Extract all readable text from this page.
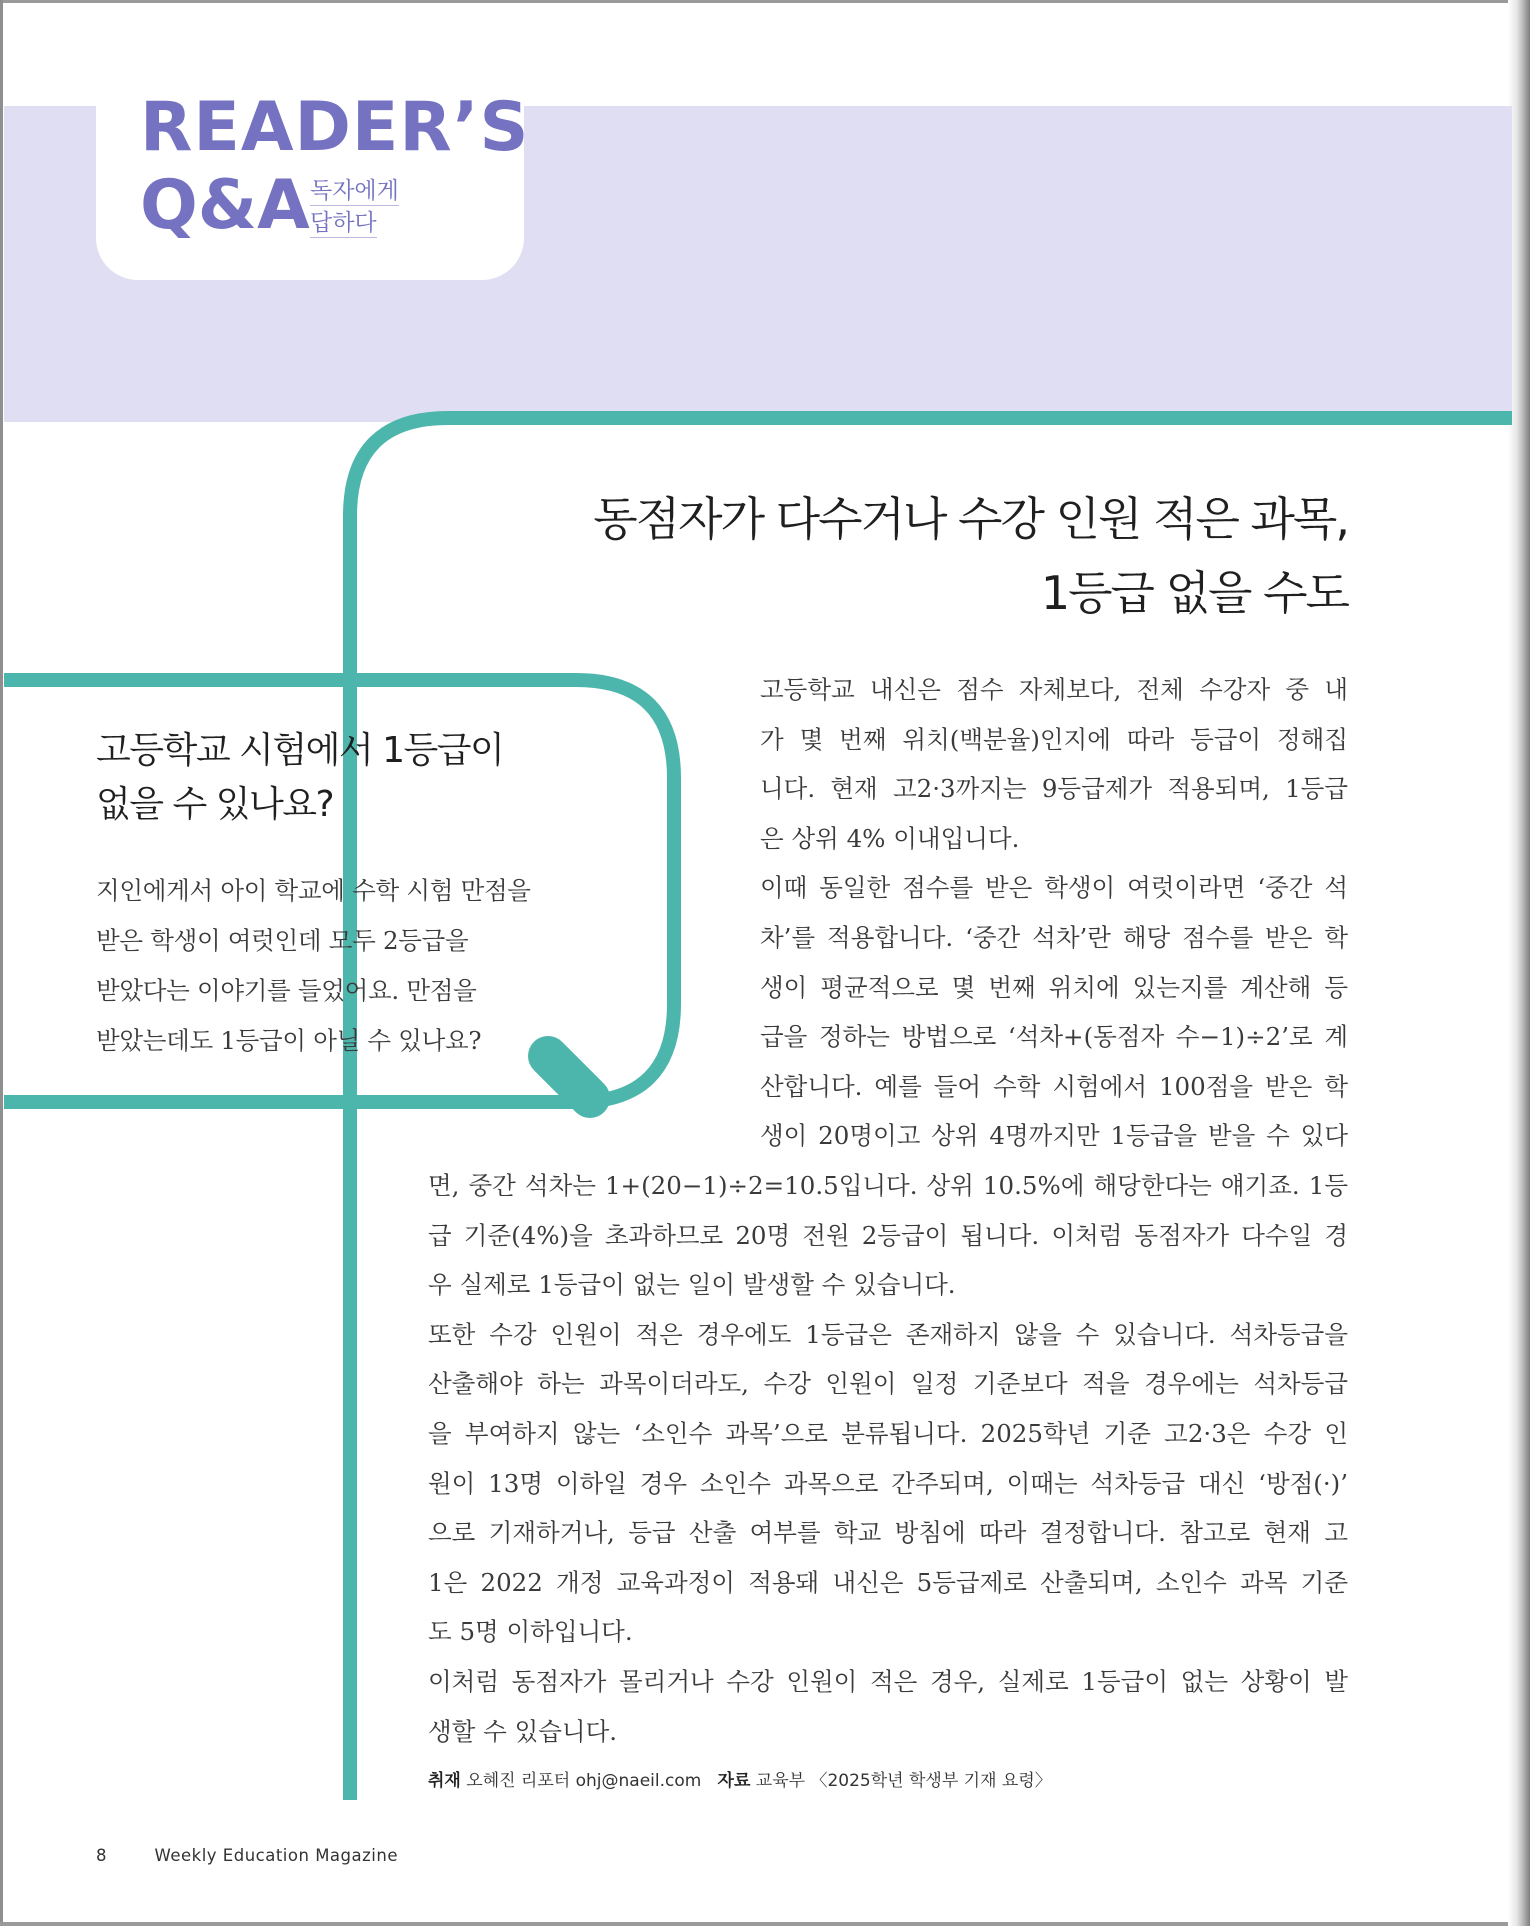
READER’S

Q&A 독자에게
답하다
동점자가 다수거나 수강 인원 적은 과목,
1등급 없을 수도
고등학교 시험에서 1등급이
없을 수 있나요?

지인에게서 아이 학교에 수학 시험 만점을
받은 학생이 여럿인데 모두 2등급을
받았다는 이야기를 들었어요. 만점을
받았는데도 1등급이 아닐 수 있나요?

고등학교 내신은 점수 자체보다, 전체 수강자 중 내
가 몇 번째 위치(백분율)인지에 따라 등급이 정해집
니다. 현재 고2·3까지는 9등급제가 적용되며, 1등급
은 상위 4% 이내입니다.
이때 동일한 점수를 받은 학생이 여럿이라면 ‘중간 석
차’를 적용합니다. ‘중간 석차’란 해당 점수를 받은 학
생이 평균적으로 몇 번째 위치에 있는지를 계산해 등
급을 정하는 방법으로 ‘석차+(동점자 수−1)÷2’로 계
산합니다. 예를 들어 수학 시험에서 100점을 받은 학
생이 20명이고 상위 4명까지만 1등급을 받을 수 있다
면, 중간 석차는 1+(20−1)÷2=10.5입니다. 상위 10.5%에 해당한다는 얘기죠. 1등
급 기준(4%)을 초과하므로 20명 전원 2등급이 됩니다. 이처럼 동점자가 다수일 경
우 실제로 1등급이 없는 일이 발생할 수 있습니다.
또한 수강 인원이 적은 경우에도 1등급은 존재하지 않을 수 있습니다. 석차등급을
산출해야 하는 과목이더라도, 수강 인원이 일정 기준보다 적을 경우에는 석차등급
을 부여하지 않는 ‘소인수 과목’으로 분류됩니다. 2025학년 기준 고2·3은 수강 인
원이 13명 이하일 경우 소인수 과목으로 간주되며, 이때는 석차등급 대신 ‘방점(·)’
으로 기재하거나, 등급 산출 여부를 학교 방침에 따라 결정합니다. 참고로 현재 고
1은 2022 개정 교육과정이 적용돼 내신은 5등급제로 산출되며, 소인수 과목 기준
도 5명 이하입니다.
이처럼 동점자가 몰리거나 수강 인원이 적은 경우, 실제로 1등급이 없는 상황이 발
생할 수 있습니다.

취재 오혜진 리포터 ohj@naeil.com 자료 교육부 〈2025학년 학생부 기재 요령〉

8	Weekly Education Magazine
